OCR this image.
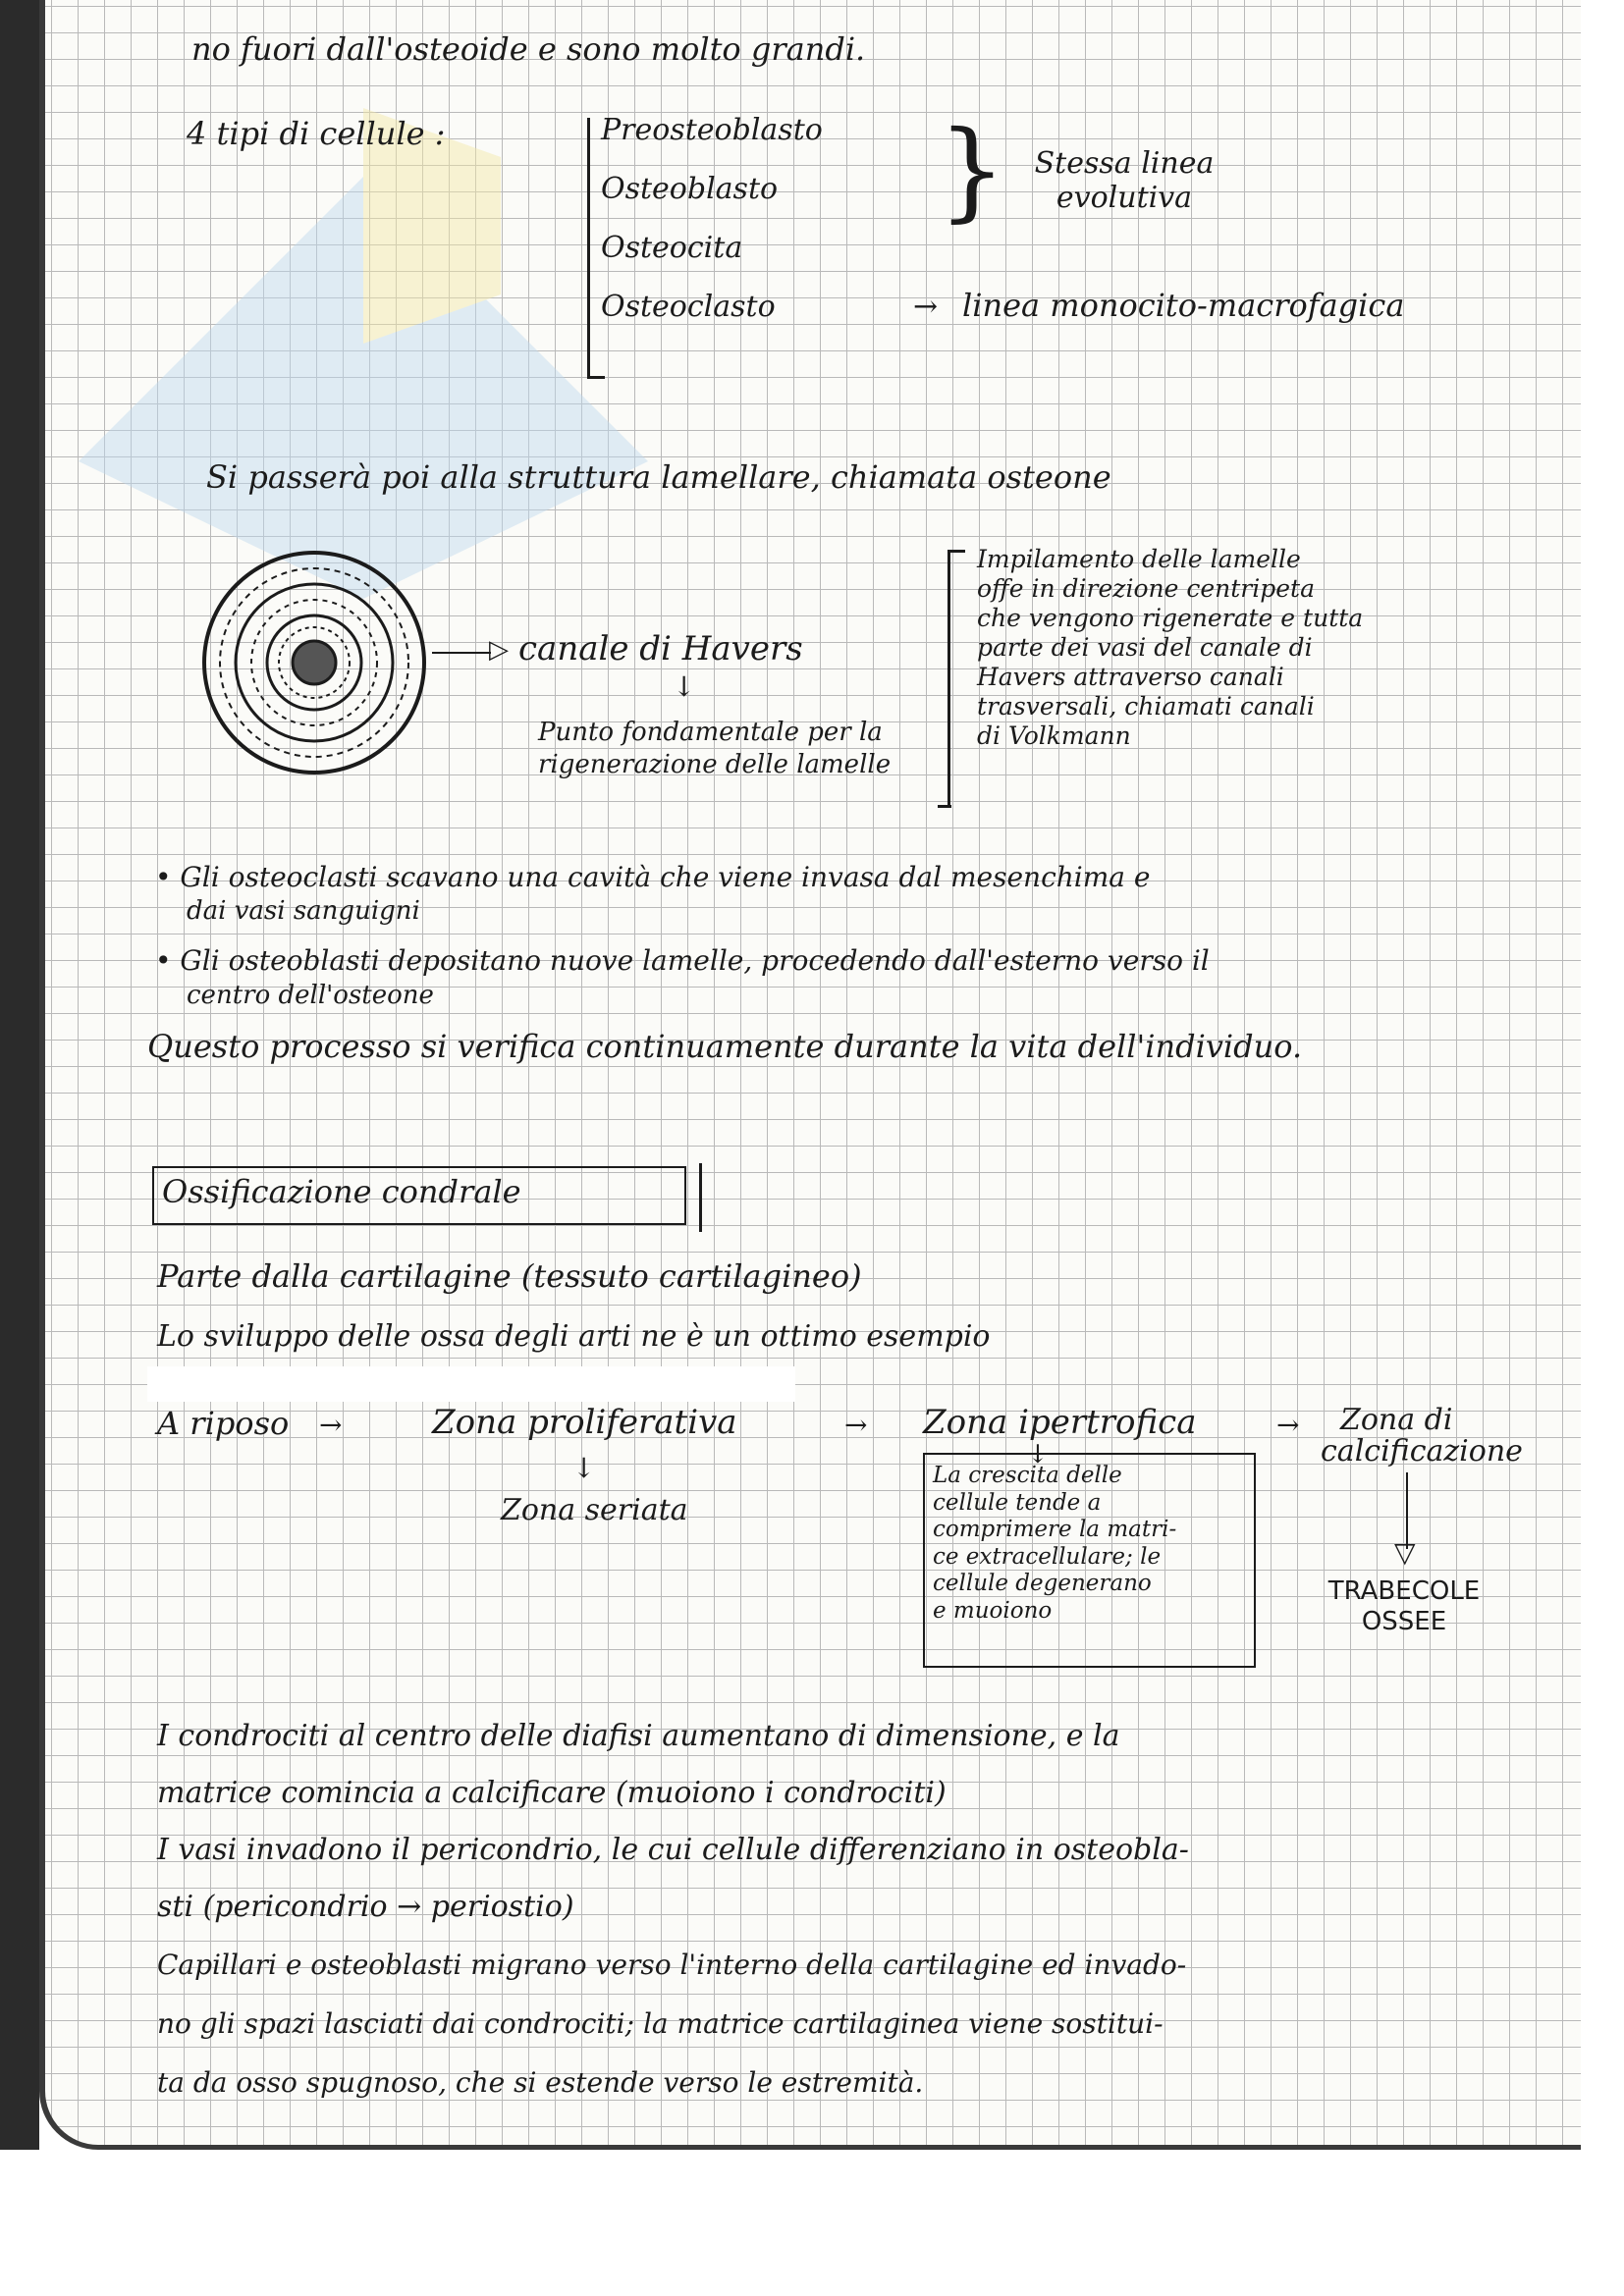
no fuori dall'osteoide e sono molto grandi.
4 tipi di cellule :	Preosteoblasto
Osteoblasto
Osteocita
Osteoclasto
} Stessa linea evolutiva
→ linea monocito-macrofagica
Si passerà poi alla struttura lamellare, chiamata osteone
▷ canale di Havers
↓
Punto fondamentale per la rigenerazione delle lamelle
Impilamento delle lamelle
offe in direzione centripeta
che vengono rigenerate e tutta
parte dei vasi del canale di
Havers attraverso canali
trasversali, chiamati canali
di Volkmann
• Gli osteoclasti scavano una cavità che viene invasa dal mesenchima e
dai vasi sanguigni
• Gli osteoblasti depositano nuove lamelle, procedendo dall'esterno verso il
centro dell'osteone
Questo processo si verifica continuamente durante la vita dell'individuo.
Ossificazione condrale
Parte dalla cartilagine (tessuto cartilagineo)
Lo sviluppo delle ossa degli arti ne è un ottimo esempio
A riposo →	Zona proliferativa	→ Zona ipertrofica	→ Zona di
calcificazione
↓
Zona seriata
↓
La crescita delle
cellule tende a
comprimere la matri-
ce extracellulare; le
cellule degenerano
e muoiono
▽
TRABECOLE
OSSEE
I condrociti al centro delle diafisi aumentano di dimensione, e la
matrice comincia a calcificare (muoiono i condrociti)
I vasi invadono il pericondrio, le cui cellule differenziano in osteobla-
sti (pericondrio → periostio)
Capillari e osteoblasti migrano verso l'interno della cartilagine ed invado-
no gli spazi lasciati dai condrociti; la matrice cartilaginea viene sostitui-
ta da osso spugnoso, che si estende verso le estremità.
